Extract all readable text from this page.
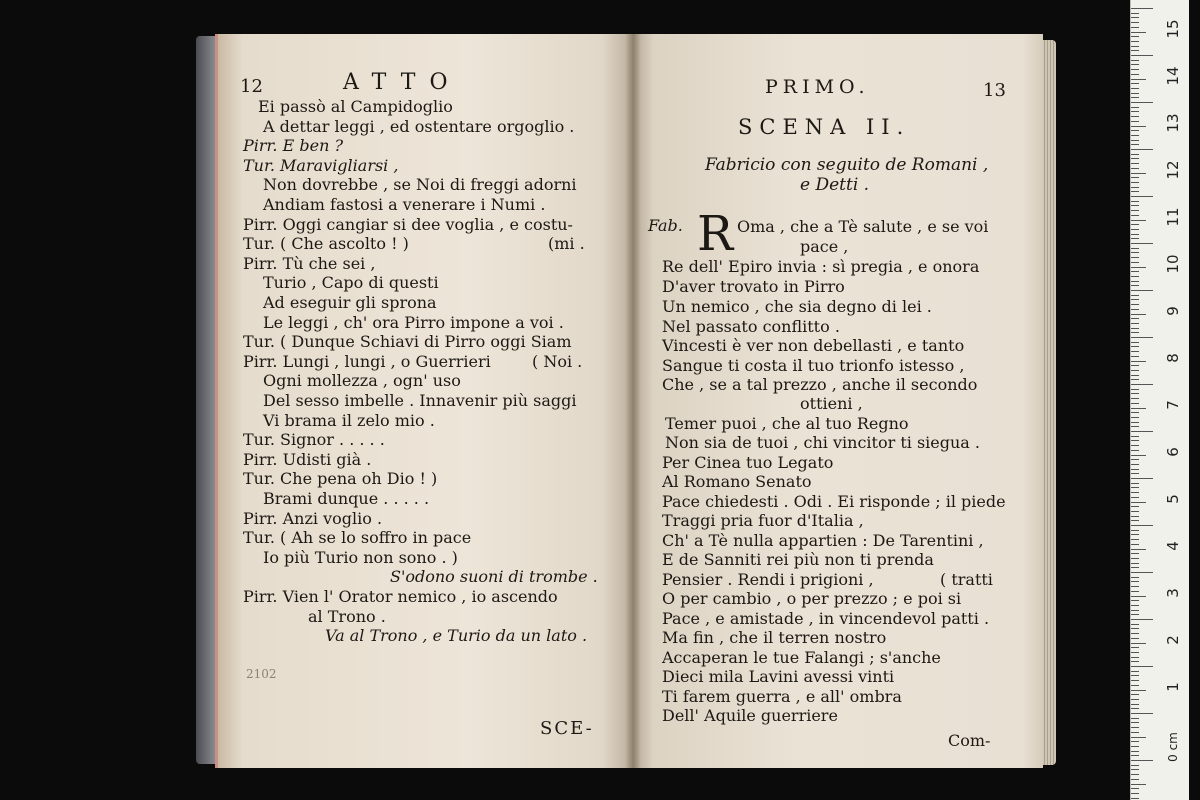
12	ATTO
Ei passò al Campidoglio
A dettar leggi , ed ostentare orgoglio .
Pirr. E ben ?
Tur. Maravigliarsi ,
Non dovrebbe , se Noi di freggi adorni
Andiam fastosi a venerare i Numi .
Pirr. Oggi cangiar si dee voglia , e costu-
Tur. ( Che ascolto ! )	(mi .
Pirr. Tù che sei ,
Turio , Capo di questi
Ad eseguir gli sprona
Le leggi , ch' ora Pirro impone a voi .
Tur. ( Dunque Schiavi di Pirro oggi Siam
Pirr. Lungi , lungi , o Guerrieri	( Noi .
Ogni mollezza , ogn' uso
Del sesso imbelle . Innavenir più saggi
Vi brama il zelo mio .
Tur. Signor . . . . .
Pirr. Udisti già .
Tur. Che pena oh Dio ! )
Brami dunque . . . . .
Pirr. Anzi voglio .
Tur. ( Ah se lo soffro in pace
Io più Turio non sono . )
S'odono suoni di trombe .
Pirr. Vien l' Orator nemico , io ascendo
al Trono .
Va al Trono , e Turio da un lato .
2102
SCE-
PRIMO.	13
SCENA II.
Fabricio con seguito de Romani ,
e Detti .
Fab. R Oma , che a Tè salute , e se voi
pace ,
Re dell' Epiro invia : sì pregia , e onora
D'aver trovato in Pirro
Un nemico , che sia degno di lei .
Nel passato conflitto .
Vincesti è ver non debellasti , e tanto
Sangue ti costa il tuo trionfo istesso ,
Che , se a tal prezzo , anche il secondo
ottieni ,
Temer puoi , che al tuo Regno
Non sia de tuoi , chi vincitor ti siegua .
Per Cinea tuo Legato
Al Romano Senato
Pace chiedesti . Odi . Ei risponde ; il piede
Traggi pria fuor d'Italia ,
Ch' a Tè nulla appartien : De Tarentini ,
E de Sanniti rei più non ti prenda
Pensier . Rendi i prigioni ,	( tratti
O per cambio , o per prezzo ; e poi si
Pace , e amistade , in vincendevol patti .
Ma fin , che il terren nostro
Accaperan le tue Falangi ; s'anche
Dieci mila Lavini avessi vinti
Ti farem guerra , e all' ombra
Dell' Aquile guerriere
Com-
15
14
13
12
11
10
9
8
7
6
5
4
3
2
1
0 cm
